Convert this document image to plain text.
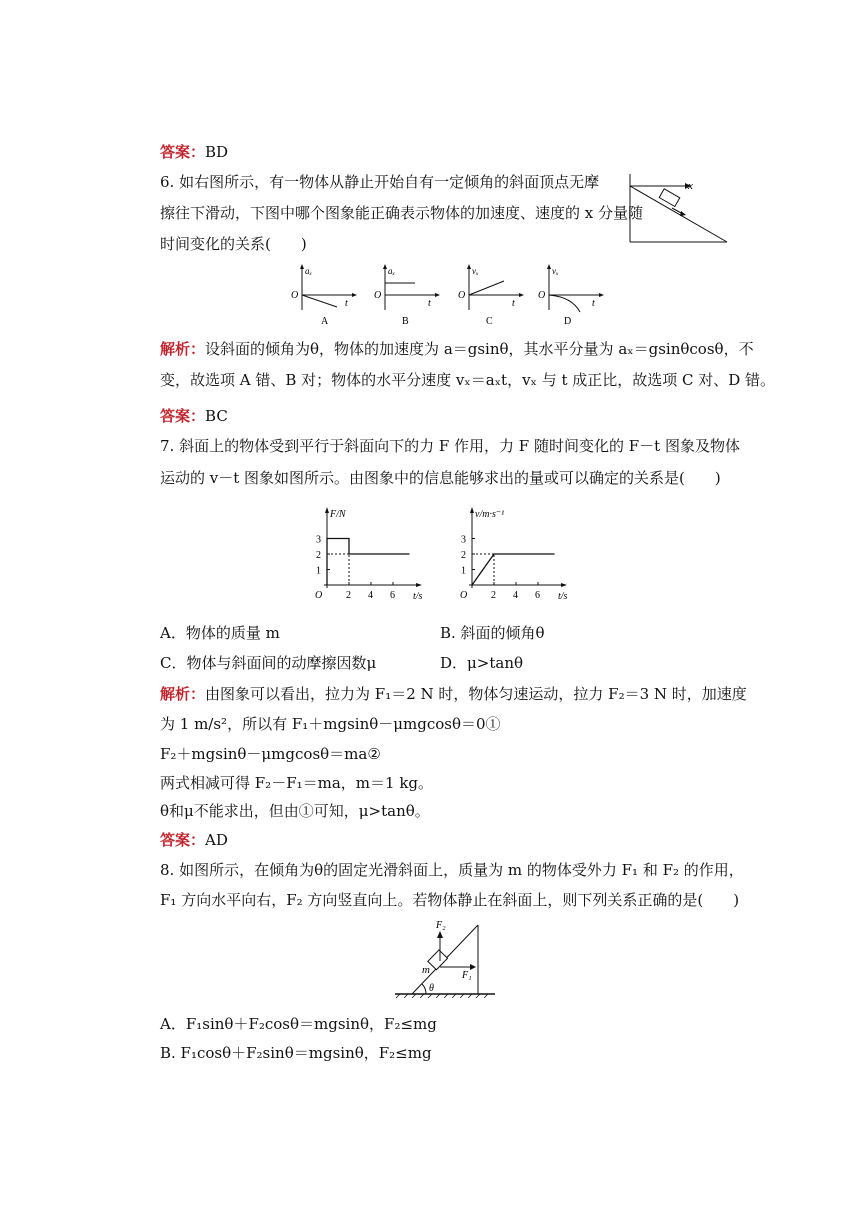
答案：BD
6. 如右图所示，有一物体从静止开始自有一定倾角的斜面顶点无摩
擦往下滑动，下图中哪个图象能正确表示物体的加速度、速度的 x 分量随
时间变化的关系(　　)
x
aₓ
t
O
A
aₓ
t
O
B
vₓ
t
O
C
vₓ
t
O
D
解析：设斜面的倾角为θ，物体的加速度为 a＝gsinθ，其水平分量为 aₓ＝gsinθcosθ，不
变，故选项 A 错、B 对；物体的水平分速度 vₓ＝aₓt，vₓ 与 t 成正比，故选项 C 对、D 错。
答案：BC
7. 斜面上的物体受到平行于斜面向下的力 F 作用，力 F 随时间变化的 F－t 图象及物体
运动的 v－t 图象如图所示。由图象中的信息能够求出的量或可以确定的关系是(　　)
F/N
t/s
O 2 4 6
1
2
3
v/m·s⁻¹
t/s
O 2 4 6
1
2
3
A．物体的质量 m	B. 斜面的倾角θ
C．物体与斜面间的动摩擦因数μ	D．μ>tanθ
解析：由图象可以看出，拉力为 F₁＝2 N 时，物体匀速运动，拉力 F₂＝3 N 时，加速度
为 1 m/s²，所以有 F₁＋mgsinθ－μmgcosθ＝0①
F₂＋mgsinθ－μmgcosθ＝ma②
两式相减可得 F₂－F₁＝ma，m＝1 kg。
θ和μ不能求出，但由①可知，μ>tanθ。
答案：AD
8. 如图所示，在倾角为θ的固定光滑斜面上，质量为 m 的物体受外力 F₁ 和 F₂ 的作用，
F₁ 方向水平向右，F₂ 方向竖直向上。若物体静止在斜面上，则下列关系正确的是(　　)
F₂
F₁
m
θ
A．F₁sinθ＋F₂cosθ＝mgsinθ，F₂≤mg
B. F₁cosθ＋F₂sinθ＝mgsinθ，F₂≤mg
